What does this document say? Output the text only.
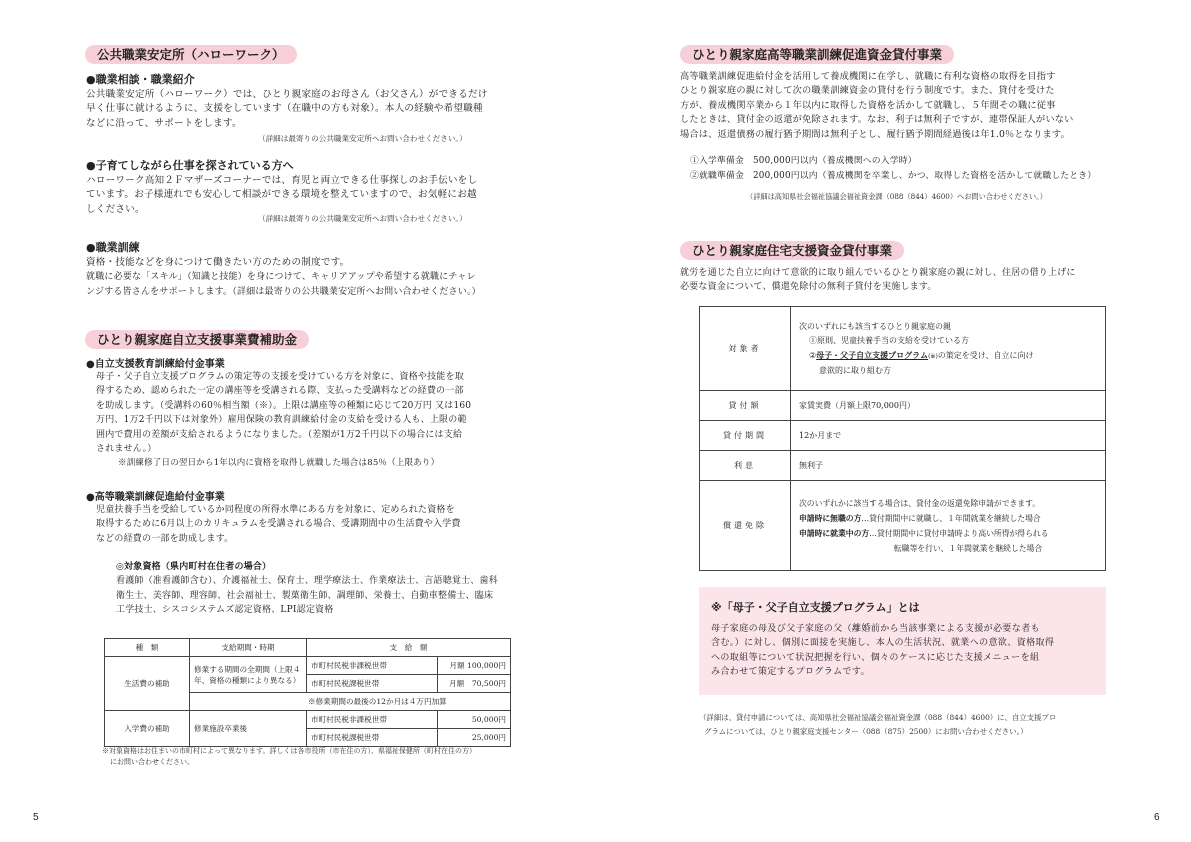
公共職業安定所（ハローワーク）
●職業相談・職業紹介

公共職業安定所（ハローワーク）では、ひとり親家庭のお母さん（お父さん）ができるだけ

早く仕事に就けるように、支援をしています（在職中の方も対象）。本人の経験や希望職種

などに沿って、サポートをします。

（詳細は最寄りの公共職業安定所へお問い合わせください。）
●子育てしながら仕事を探されている方へ

ハローワーク高知２Ｆマザーズコーナーでは、育児と両立できる仕事探しのお手伝いをし

ています。お子様連れでも安心して相談ができる環境を整えていますので、お気軽にお越

しください。

（詳細は最寄りの公共職業安定所へお問い合わせください。）
●職業訓練

資格・技能などを身につけて働きたい方のための制度です。

就職に必要な「スキル」（知識と技能）を身につけて、キャリアアップや希望する就職にチャレ

ンジする皆さんをサポートします。（詳細は最寄りの公共職業安定所へお問い合わせください。）

ひとり親家庭自立支援事業費補助金
●自立支援教育訓練給付金事業

母子・父子自立支援プログラムの策定等の支援を受けている方を対象に、資格や技能を取

得するため、認められた一定の講座等を受講される際、支払った受講料などの経費の一部

を助成します。（受講料の60％相当額（※）。上限は講座等の種類に応じて20万円 又は160

万円、1万2千円以下は対象外）雇用保険の教育訓練給付金の支給を受ける人も、上限の範

囲内で費用の差額が支給されるようになりました。（差額が1万2千円以下の場合には支給

されません。）

※訓練修了日の翌日から1年以内に資格を取得し就職した場合は85％（上限あり）

●高等職業訓練促進給付金事業

児童扶養手当を受給しているか同程度の所得水準にある方を対象に、定められた資格を

取得するために6月以上のカリキュラムを受講される場合、受講期間中の生活費や入学費

などの経費の一部を助成します。

◎対象資格（県内町村在住者の場合）

看護師（准看護師含む）、介護福祉士、保育士、理学療法士、作業療法士、言語聴覚士、歯科

衛生士、美容師、理容師、社会福祉士、製菓衛生師、調理師、栄養士、自動車整備士、臨床

工学技士、シスコシステムズ認定資格、LPI認定資格

種　類	支給期間・時期	支　給　額	
生活費の補助	修業する期間の全期間（上限４年、資格の種類により異なる）	市町村民税非課税世帯	月額 100,000円
		市町村民税課税世帯	月額　70,500円
	※修業期間の最後の12か月は４万円加算		
入学費の補助	修業施設卒業後	市町村民税非課税世帯	50,000円
		市町村民税課税世帯	25,000円
※対象資格はお住まいの市町村によって異なります。詳しくは各市役所（市在住の方）、県福祉保健所（町村在住の方）
にお問い合わせください。
5
ひとり親家庭高等職業訓練促進資金貸付事業

高等職業訓練促進給付金を活用して養成機関に在学し、就職に有利な資格の取得を目指す

ひとり親家庭の親に対して次の職業訓練資金の貸付を行う制度です。また、貸付を受けた

方が、養成機関卒業から１年以内に取得した資格を活かして就職し、５年間その職に従事

したときは、貸付金の返還が免除されます。なお、利子は無利子ですが、連帯保証人がいない

場合は、返還債務の履行猶予期間は無利子とし、履行猶予期間経過後は年1.0％となります。

①入学準備金　500,000円以内（養成機関への入学時）

②就職準備金　200,000円以内（養成機関を卒業し、かつ、取得した資格を活かして就職したとき）

（詳細は高知県社会福祉協議会福祉資金課（088（844）4600）へお問い合わせください。）
ひとり親家庭住宅支援資金貸付事業

就労を通じた自立に向けて意欲的に取り組んでいるひとり親家庭の親に対し、住居の借り上げに

必要な資金について、償還免除付の無利子貸付を実施します。

6
対象者	次のいずれにも該当するひとり親家庭の親
①原則、児童扶養手当の支給を受けている方
②母子・父子自立支援プログラム(※)の策定を受け、自立に向け
意欲的に取り組む方

貸付額	家賃実費（月額上限70,000円）
貸付期間	12か月まで
利息	無利子
償還免除	次のいずれかに該当する場合は、貸付金の返還免除申請ができます。
申請時に無職の方…貸付期間中に就職し、１年間就業を継続した場合
申請時に就業中の方…貸付期間中に貸付申請時より高い所得が得られる
転職等を行い、１年間就業を継続した場合
※「母子・父子自立支援プログラム」とは

母子家庭の母及び父子家庭の父（離婚前から当該事業による支援が必要な者も

含む。）に対し、個別に面接を実施し、本人の生活状況、就業への意欲、資格取得

への取組等について状況把握を行い、個々のケースに応じた支援メニューを組

み合わせて策定するプログラムです。

（詳細は、貸付申請については、高知県社会福祉協議会福祉資金課（088（844）4600）に、自立支援プロ
グラムについては、ひとり親家庭支援センター（088（875）2500）にお問い合わせください。）
